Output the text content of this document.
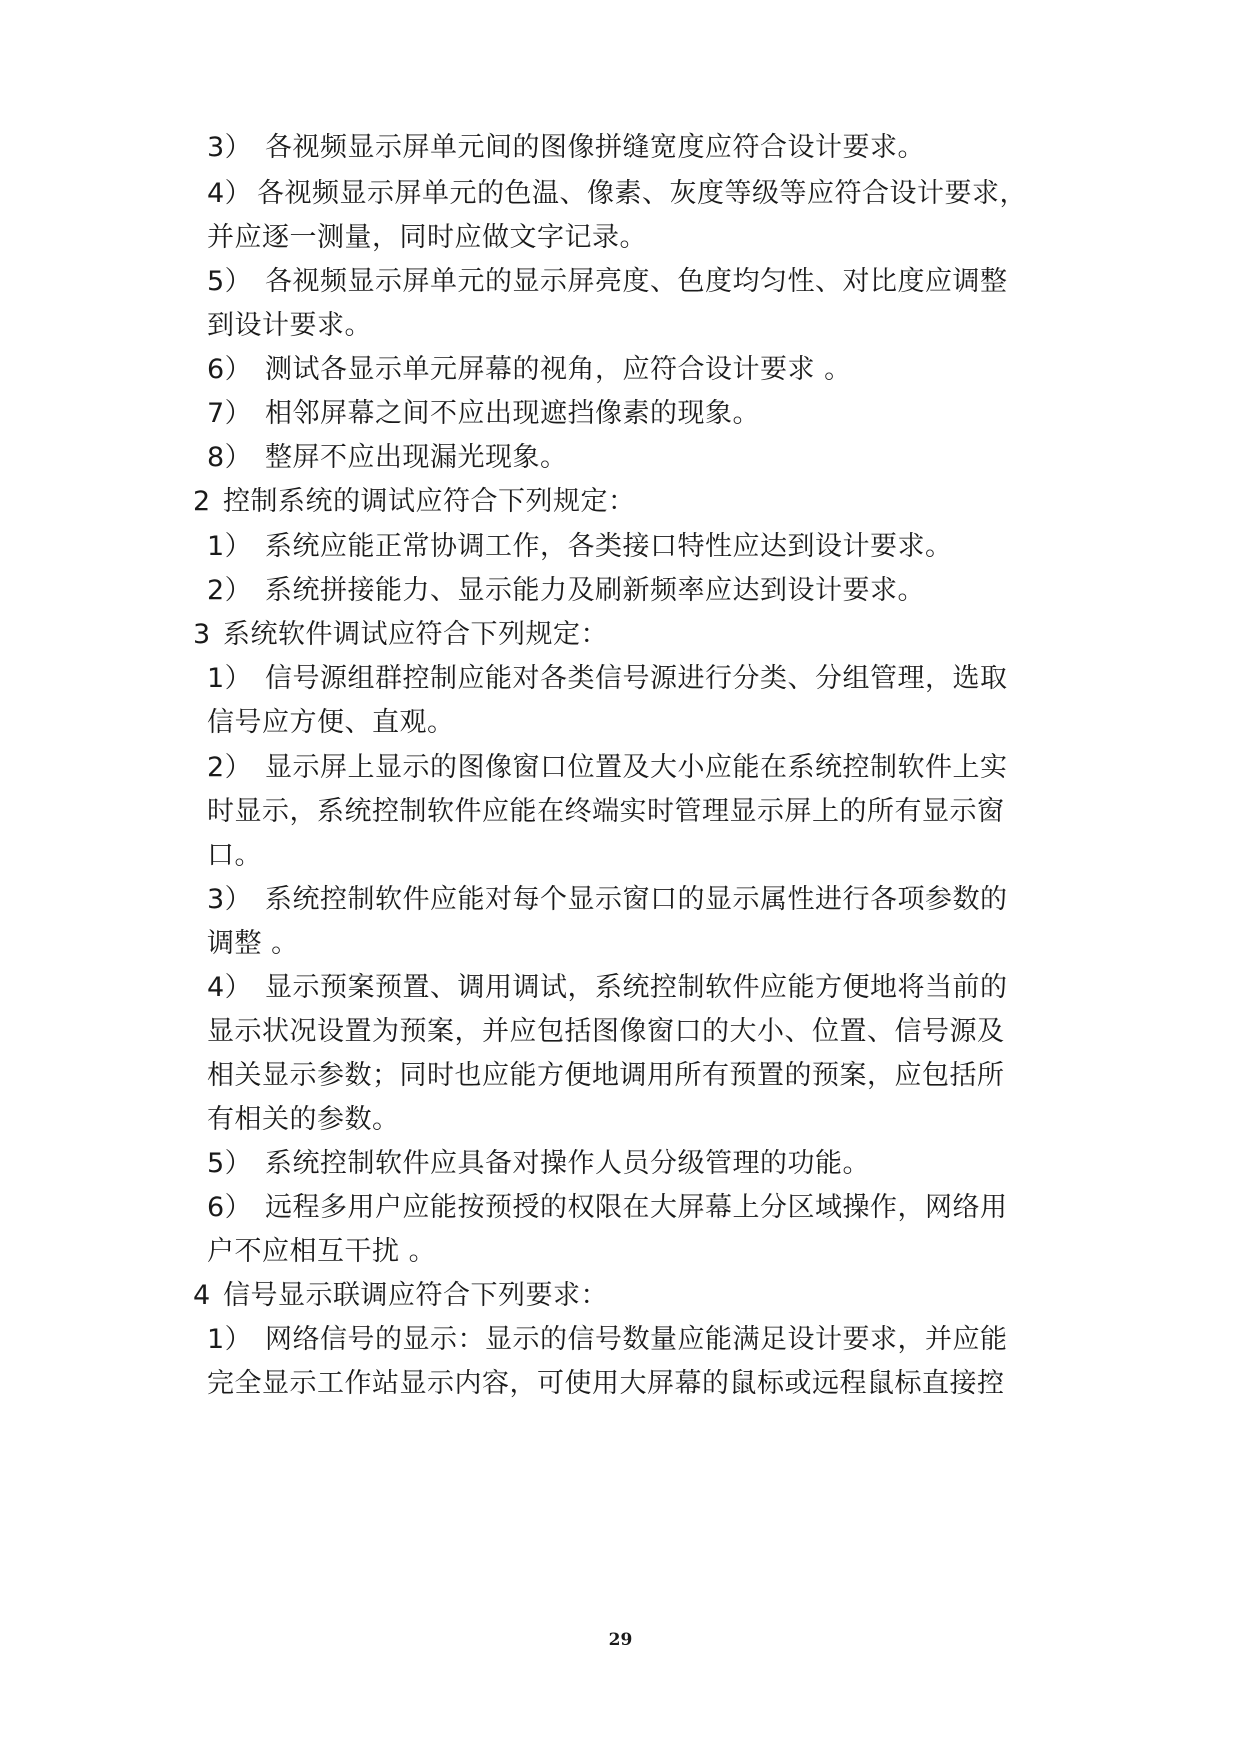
3） 各视频显示屏单元间的图像拼缝宽度应符合设计要求。
4） 各视频显示屏单元的色温、像素、灰度等级等应符合设计要求，
并应逐一测量，同时应做文字记录。
5） 各视频显示屏单元的显示屏亮度、色度均匀性、对比度应调整
到设计要求。
6） 测试各显示单元屏幕的视角，应符合设计要求 。
7） 相邻屏幕之间不应出现遮挡像素的现象。
8） 整屏不应出现漏光现象。
2 控制系统的调试应符合下列规定：
1） 系统应能正常协调工作，各类接口特性应达到设计要求。
2） 系统拼接能力、显示能力及刷新频率应达到设计要求。
3 系统软件调试应符合下列规定：
1） 信号源组群控制应能对各类信号源进行分类、分组管理，选取
信号应方便、直观。
2） 显示屏上显示的图像窗口位置及大小应能在系统控制软件上实
时显示，系统控制软件应能在终端实时管理显示屏上的所有显示窗
口。
3） 系统控制软件应能对每个显示窗口的显示属性进行各项参数的
调整 。
4） 显示预案预置、调用调试，系统控制软件应能方便地将当前的
显示状况设置为预案，并应包括图像窗口的大小、位置、信号源及
相关显示参数；同时也应能方便地调用所有预置的预案，应包括所
有相关的参数。
5） 系统控制软件应具备对操作人员分级管理的功能。
6） 远程多用户应能按预授的权限在大屏幕上分区域操作，网络用
户不应相互干扰 。
4 信号显示联调应符合下列要求：
1） 网络信号的显示：显示的信号数量应能满足设计要求，并应能
完全显示工作站显示内容，可使用大屏幕的鼠标或远程鼠标直接控
29
